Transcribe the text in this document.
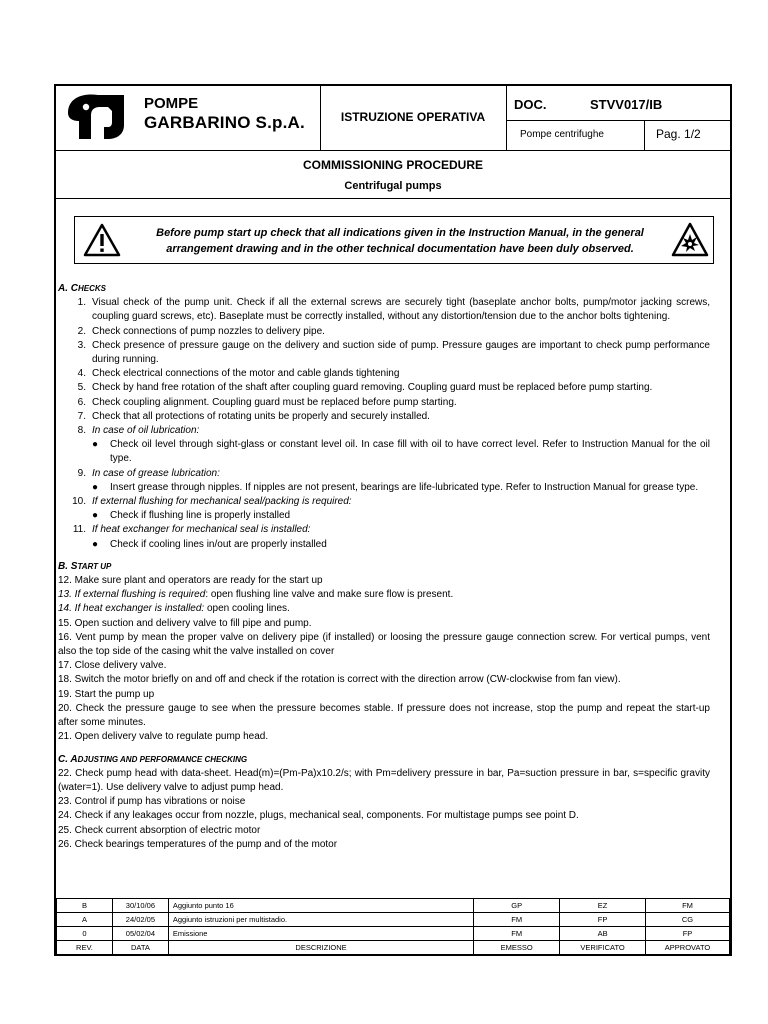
POMPE
GARBARINO S.p.A.	ISTRUZIONE OPERATIVA
DOC.	STVV017/IB
Pompe centrifughe	Pag. 1/2
COMMISSIONING PROCEDURE
Centrifugal pumps
Before pump start up check that all indications given in the Instruction Manual, in the general arrangement drawing and in the other technical documentation have been duly observed.
A. CHECKS
1. Visual check of the pump unit. Check if all the external screws are securely tight (baseplate anchor bolts, pump/motor jacking screws, coupling guard screws, etc). Baseplate must be correctly installed, without any distortion/tension due to the anchor bolts tightening.
2. Check connections of pump nozzles to delivery pipe.
3. Check presence of pressure gauge on the delivery and suction side of pump. Pressure gauges are important to check pump performance during running.
4. Check electrical connections of the motor and cable glands tightening
5. Check by hand free rotation of the shaft after coupling guard removing. Coupling guard must be replaced before pump starting.
6. Check coupling alignment. Coupling guard must be replaced before pump starting.
7. Check that all protections of rotating units be properly and securely installed.
8. In case of oil lubrication:
● Check oil level through sight-glass or constant level oil. In case fill with oil to have correct level. Refer to Instruction Manual for the oil type.
9. In case of grease lubrication:
● Insert grease through nipples. If nipples are not present, bearings are life-lubricated type. Refer to Instruction Manual for grease type.
10. If external flushing for mechanical seal/packing is required:
● Check if flushing line is properly installed
11. If heat exchanger for mechanical seal is installed:
● Check if cooling lines in/out are properly installed
B. START UP
12. Make sure plant and operators are ready for the start up
13. If external flushing is required: open flushing line valve and make sure flow is present.
14. If heat exchanger is installed: open cooling lines.
15. Open suction and delivery valve to fill pipe and pump.
16. Vent pump by mean the proper valve on delivery pipe (if installed) or loosing the pressure gauge connection screw. For vertical pumps, vent also the top side of the casing whit the valve installed on cover
17. Close delivery valve.
18. Switch the motor briefly on and off and check if the rotation is correct with the direction arrow (CW-clockwise from fan view).
19. Start the pump up
20. Check the pressure gauge to see when the pressure becomes stable. If pressure does not increase, stop the pump and repeat the start-up after some minutes.
21. Open delivery valve to regulate pump head.
C. ADJUSTING AND PERFORMANCE CHECKING
22. Check pump head with data-sheet. Head(m)=(Pm-Pa)x10.2/s; with Pm=delivery pressure in bar, Pa=suction pressure in bar, s=specific gravity (water=1). Use delivery valve to adjust pump head.
23. Control if pump has vibrations or noise
24. Check if any leakages occur from nozzle, plugs, mechanical seal, components. For multistage pumps see point D.
25. Check current absorption of electric motor
26. Check bearings temperatures of the pump and of the motor
B	30/10/06	Aggiunto punto 16	GP	EZ	FM
A	24/02/05	Aggiunto istruzioni per multistadio.	FM	FP	CG
0	05/02/04	Emissione	FM	AB	FP
REV.	DATA	DESCRIZIONE	EMESSO	VERIFICATO	APPROVATO
